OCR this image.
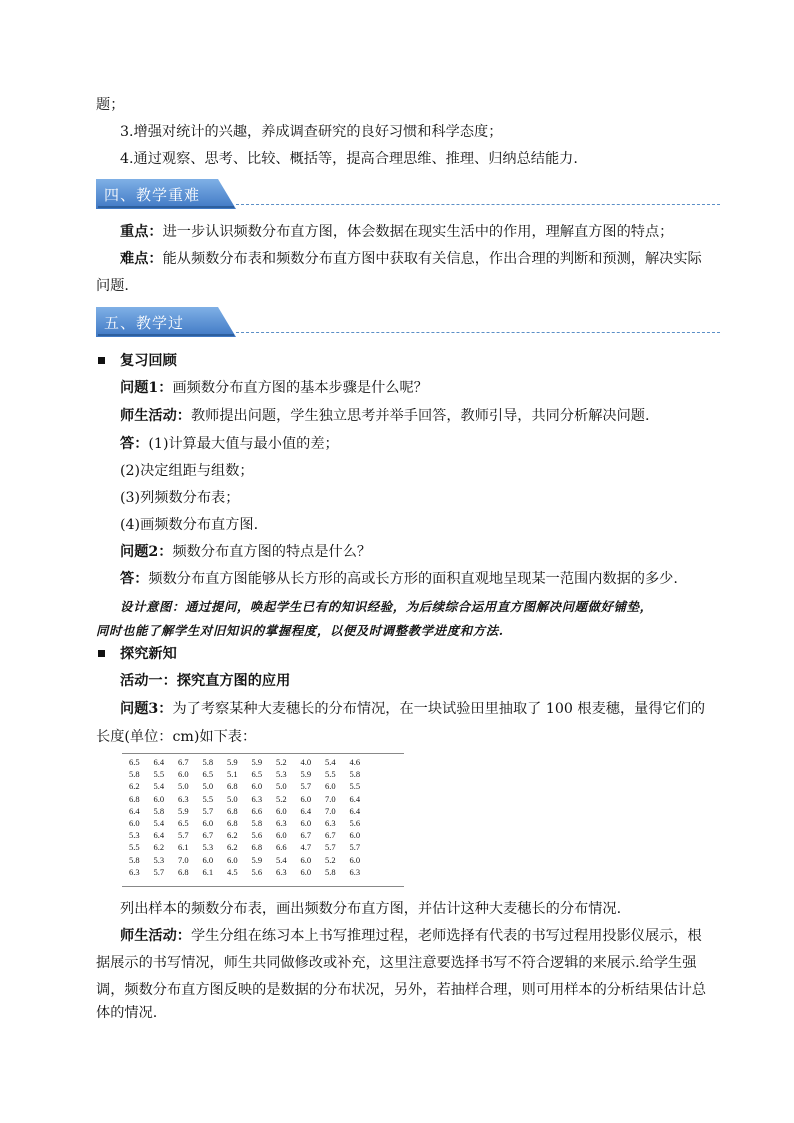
题；
3.增强对统计的兴趣，养成调查研究的良好习惯和科学态度；
4.通过观察、思考、比较、概括等，提高合理思维、推理、归纳总结能力.
四、教学重难
重点：进一步认识频数分布直方图，体会数据在现实生活中的作用，理解直方图的特点；
难点：能从频数分布表和频数分布直方图中获取有关信息，作出合理的判断和预测，解决实际
问题.
五、教学过
复习回顾
问题1：画频数分布直方图的基本步骤是什么呢？
师生活动：教师提出问题，学生独立思考并举手回答，教师引导，共同分析解决问题.
答：(1)计算最大值与最小值的差；
(2)决定组距与组数；
(3)列频数分布表；
(4)画频数分布直方图.
问题2：频数分布直方图的特点是什么？
答：频数分布直方图能够从长方形的高或长方形的面积直观地呈现某一范围内数据的多少.
设计意图：通过提问，唤起学生已有的知识经验，为后续综合运用直方图解决问题做好铺垫，
同时也能了解学生对旧知识的掌握程度，以便及时调整教学进度和方法.
探究新知
活动一：探究直方图的应用
问题3：为了考察某种大麦穗长的分布情况，在一块试验田里抽取了 100 根麦穗，量得它们的
长度(单位：cm)如下表：
6.5	6.4	6.7	5.8	5.9	5.9	5.2	4.0	5.4	4.6
5.8	5.5	6.0	6.5	5.1	6.5	5.3	5.9	5.5	5.8
6.2	5.4	5.0	5.0	6.8	6.0	5.0	5.7	6.0	5.5
6.8	6.0	6.3	5.5	5.0	6.3	5.2	6.0	7.0	6.4
6.4	5.8	5.9	5.7	6.8	6.6	6.0	6.4	7.0	6.4
6.0	5.4	6.5	6.0	6.8	5.8	6.3	6.0	6.3	5.6
5.3	6.4	5.7	6.7	6.2	5.6	6.0	6.7	6.7	6.0
5.5	6.2	6.1	5.3	6.2	6.8	6.6	4.7	5.7	5.7
5.8	5.3	7.0	6.0	6.0	5.9	5.4	6.0	5.2	6.0
6.3	5.7	6.8	6.1	4.5	5.6	6.3	6.0	5.8	6.3
列出样本的频数分布表，画出频数分布直方图，并估计这种大麦穗长的分布情况.
师生活动：学生分组在练习本上书写推理过程，老师选择有代表的书写过程用投影仪展示，根
据展示的书写情况，师生共同做修改或补充，这里注意要选择书写不符合逻辑的来展示.给学生强
调，频数分布直方图反映的是数据的分布状况，另外，若抽样合理，则可用样本的分析结果估计总
体的情况.
